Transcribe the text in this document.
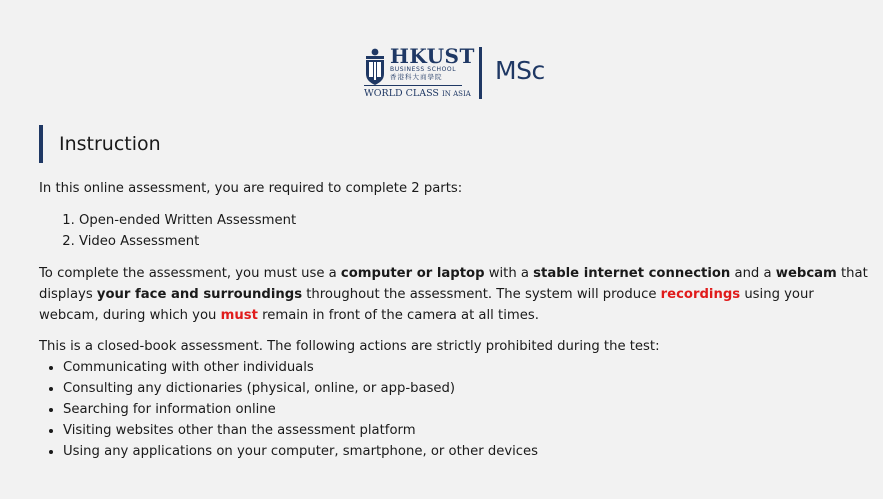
HKUST
BUSINESS SCHOOL
香港科大商學院
WORLD CLASS IN ASIA
MSc
Instruction

In this online assessment, you are required to complete 2 parts:

1. Open-ended Written Assessment
2. Video Assessment

To complete the assessment, you must use a computer or laptop with a stable internet connection and a webcam that displays your face and surroundings throughout the assessment. The system will produce recordings using your webcam, during which you must remain in front of the camera at all times.

This is a closed-book assessment. The following actions are strictly prohibited during the test:

• Communicating with other individuals
• Consulting any dictionaries (physical, online, or app-based)
• Searching for information online
• Visiting websites other than the assessment platform
• Using any applications on your computer, smartphone, or other devices
